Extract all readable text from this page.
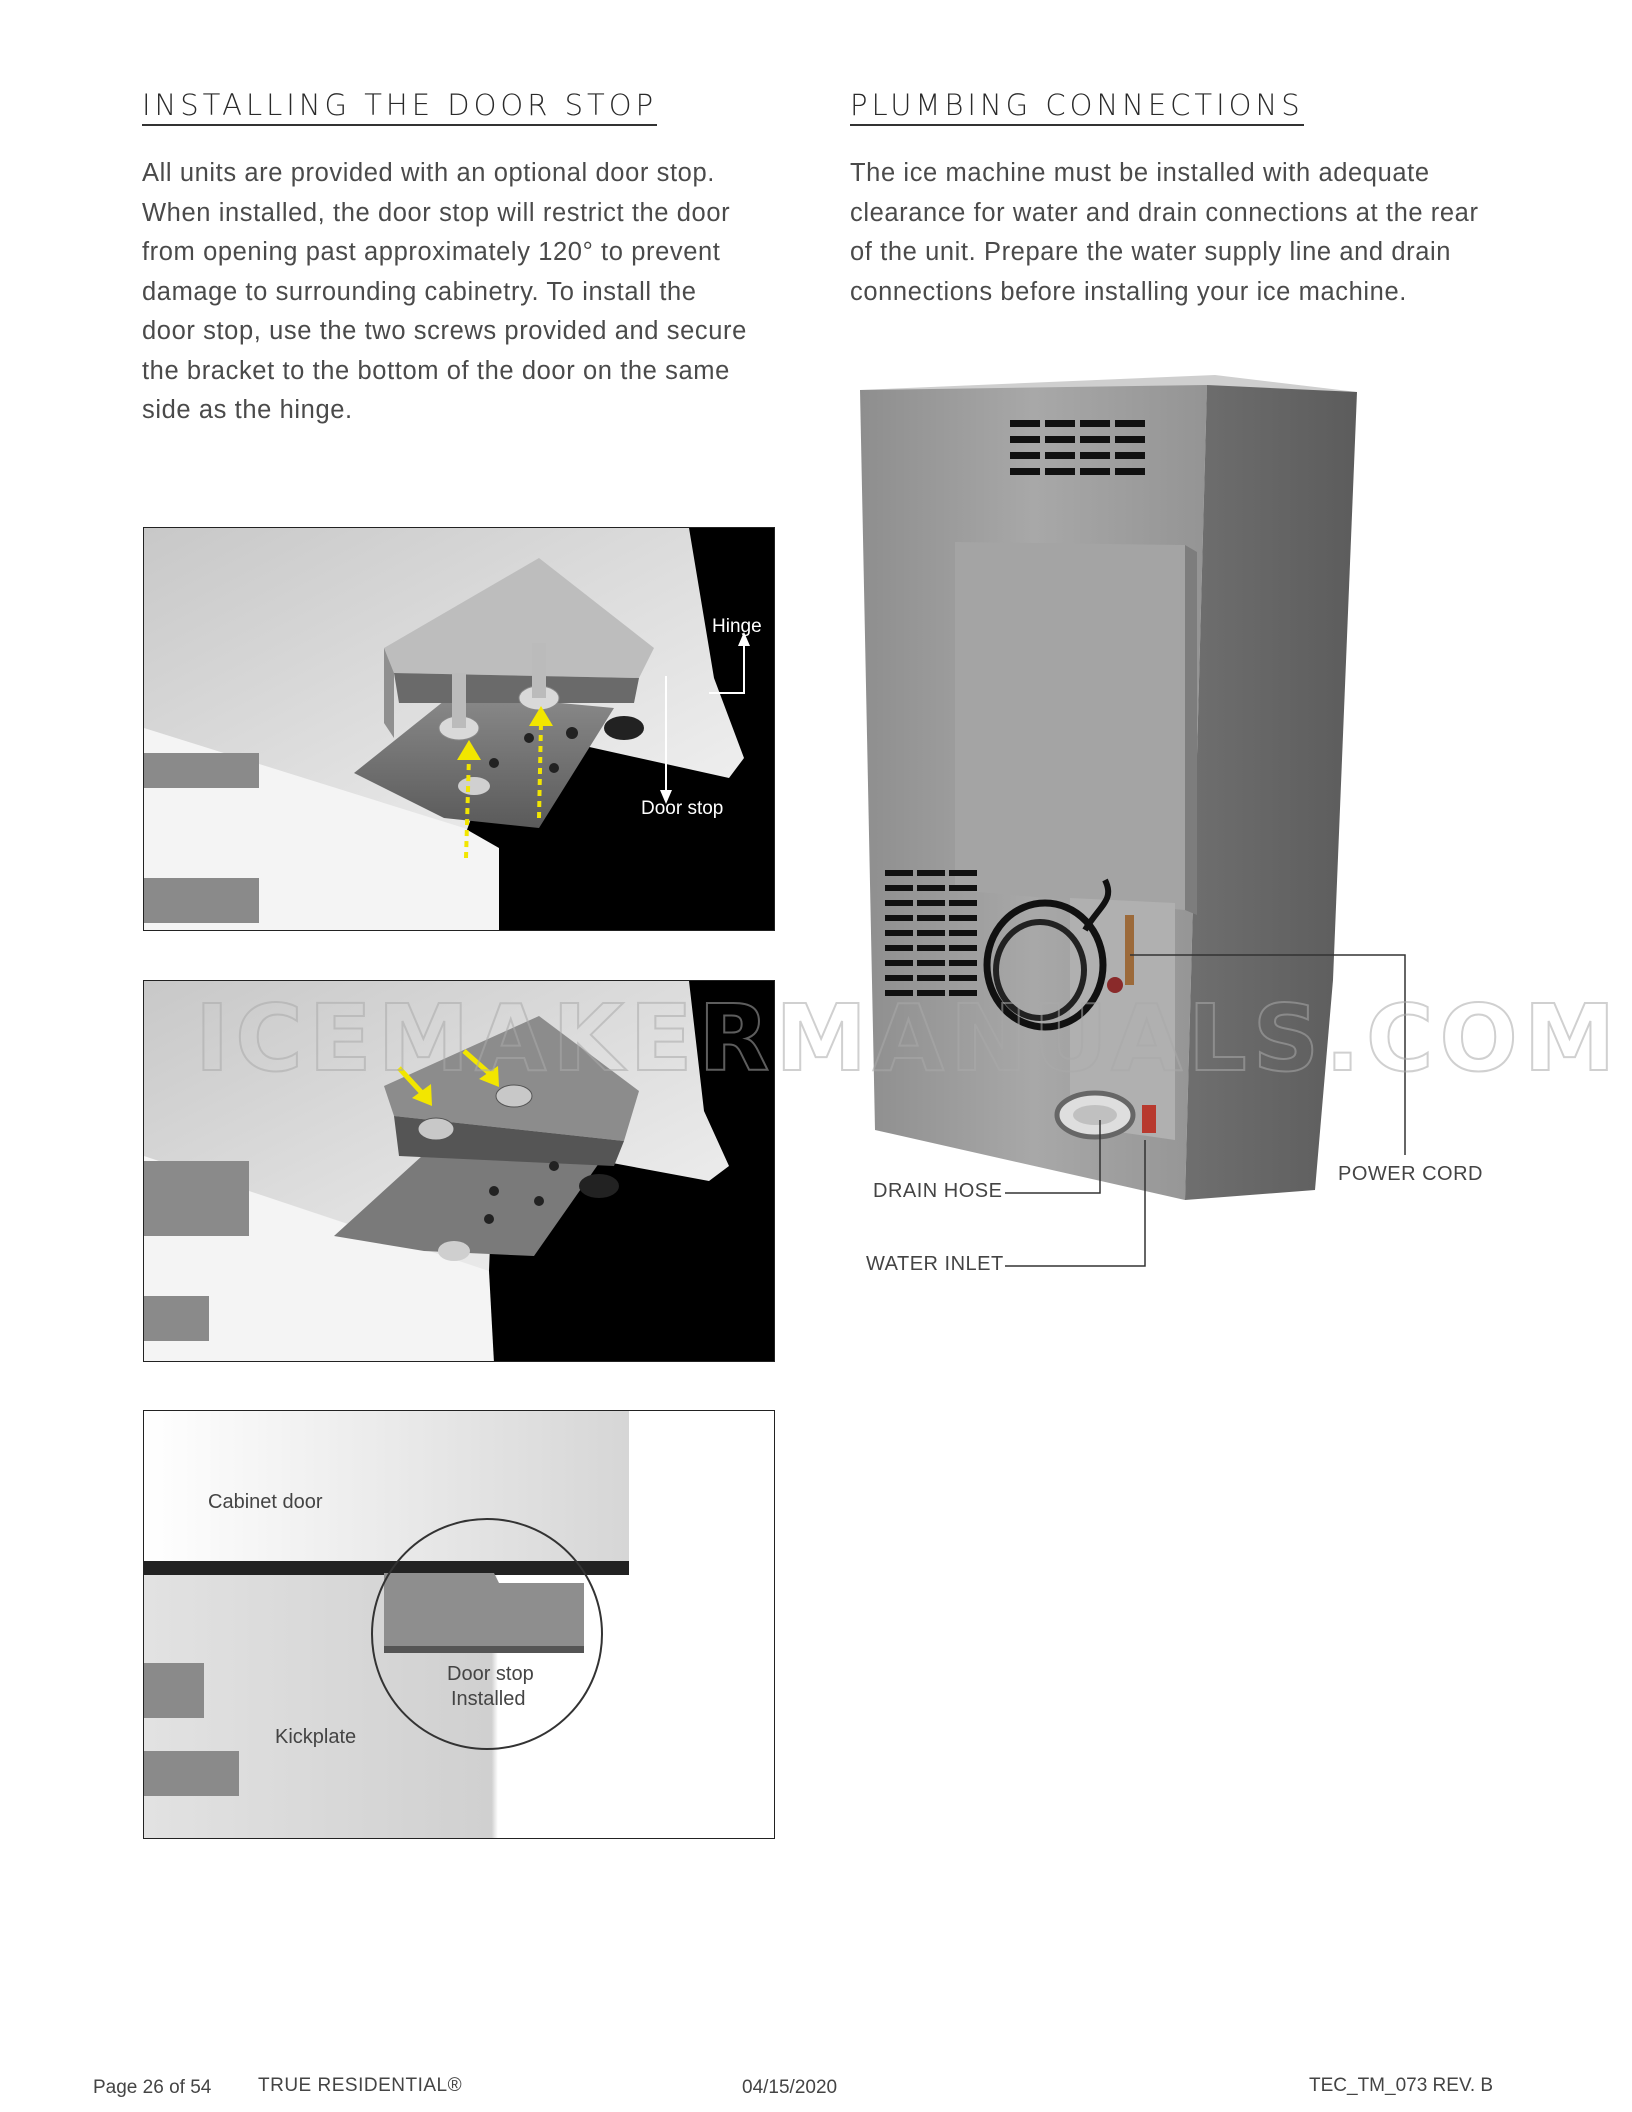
INSTALLING THE DOOR STOP	PLUMBING CONNECTIONS

All units are provided with an optional door stop.
When installed, the door stop will restrict the door
from opening past approximately 120° to prevent
damage to surrounding cabinetry. To install the
door stop, use the two screws provided and secure
the bracket to the bottom of the door on the same
side as the hinge.

The ice machine must be installed with adequate
clearance for water and drain connections at the rear
of the unit. Prepare the water supply line and drain
connections before installing your ice machine.

Hinge
Door stop
Cabinet door
Door stop
Installed
Kickplate
DRAIN HOSE
WATER INLET
POWER CORD
ICEMAKERMANUALS.COM
Page 26 of 54 TRUE RESIDENTIAL®	04/15/2020	TEC_TM_073 REV. B
